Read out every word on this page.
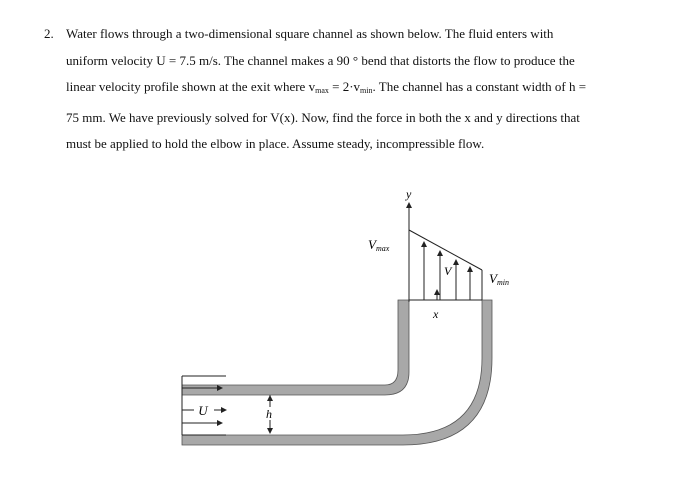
2. Water flows through a two-dimensional square channel as shown below. The fluid enters with
uniform velocity U = 7.5 m/s. The channel makes a 90 ° bend that distorts the flow to produce the
linear velocity profile shown at the exit where $v_{max} = 2\cdot v_{min}$. The channel has a constant width of h =
75 mm. We have previously solved for V(x). Now, find the force in both the x and y directions that
must be applied to hold the elbow in place. Assume steady, incompressible flow.
U	h
y
Vmax
V	Vmin
x
